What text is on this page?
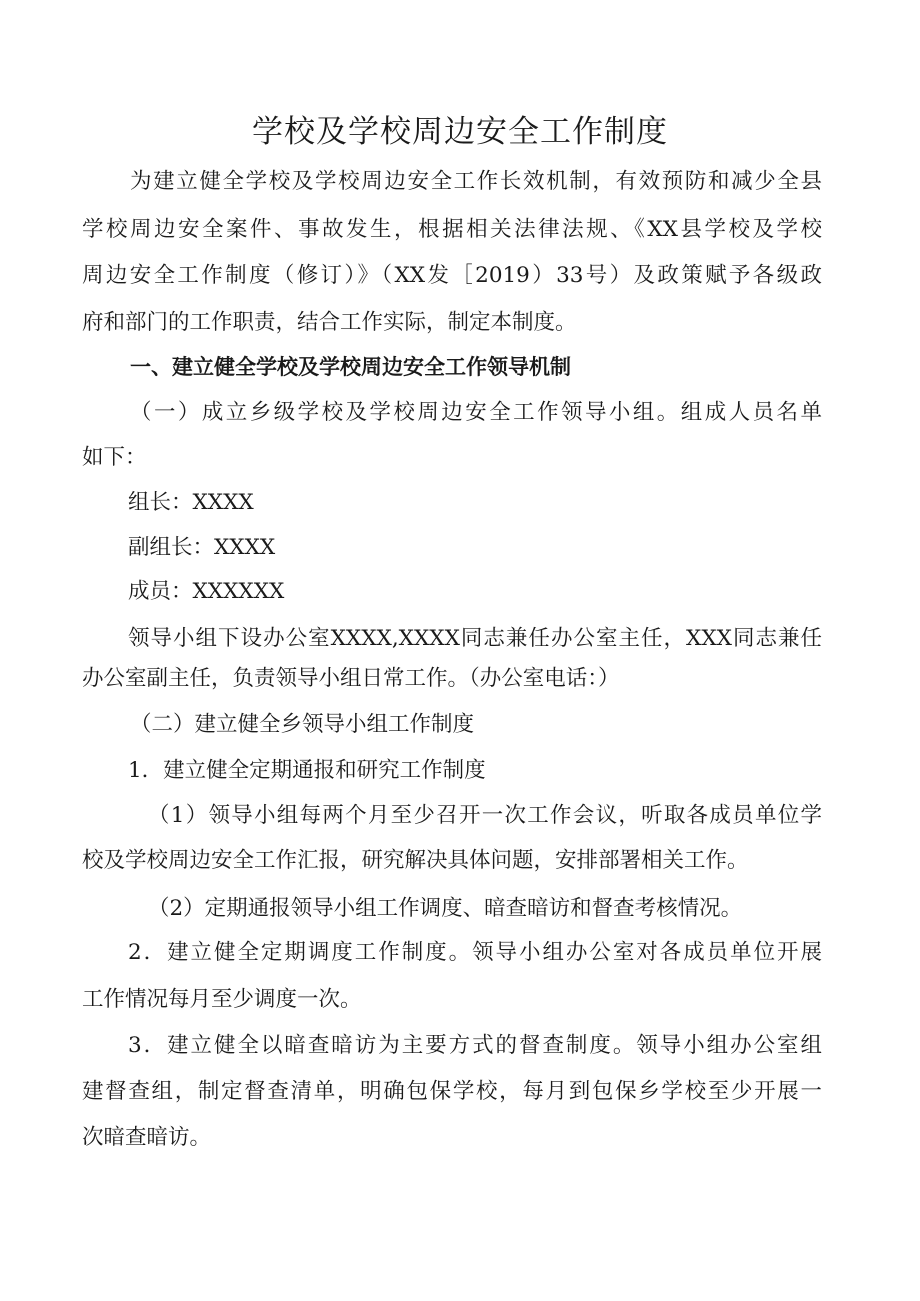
学校及学校周边安全工作制度

为建立健全学校及学校周边安全工作长效机制，有效预防和减少全县

学校周边安全案件、事故发生，根据相关法律法规、《XX县学校及学校

周边安全工作制度（修订）》（XX发［2019）33号）及政策赋予各级政

府和部门的工作职责，结合工作实际，制定本制度。

一、建立健全学校及学校周边安全工作领导机制

（一）成立乡级学校及学校周边安全工作领导小组。组成人员名单

如下：

组长：XXXX

副组长：XXXX

成员：XXXXXX

领导小组下设办公室XXXX,XXXX同志兼任办公室主任，XXX同志兼任

办公室副主任，负责领导小组日常工作。（办公室电话：）

（二）建立健全乡领导小组工作制度

1．建立健全定期通报和研究工作制度

（1）领导小组每两个月至少召开一次工作会议，听取各成员单位学

校及学校周边安全工作汇报，研究解决具体问题，安排部署相关工作。

（2）定期通报领导小组工作调度、暗查暗访和督查考核情况。

2．建立健全定期调度工作制度。领导小组办公室对各成员单位开展

工作情况每月至少调度一次。

3．建立健全以暗查暗访为主要方式的督查制度。领导小组办公室组

建督查组，制定督查清单，明确包保学校，每月到包保乡学校至少开展一

次暗查暗访。
